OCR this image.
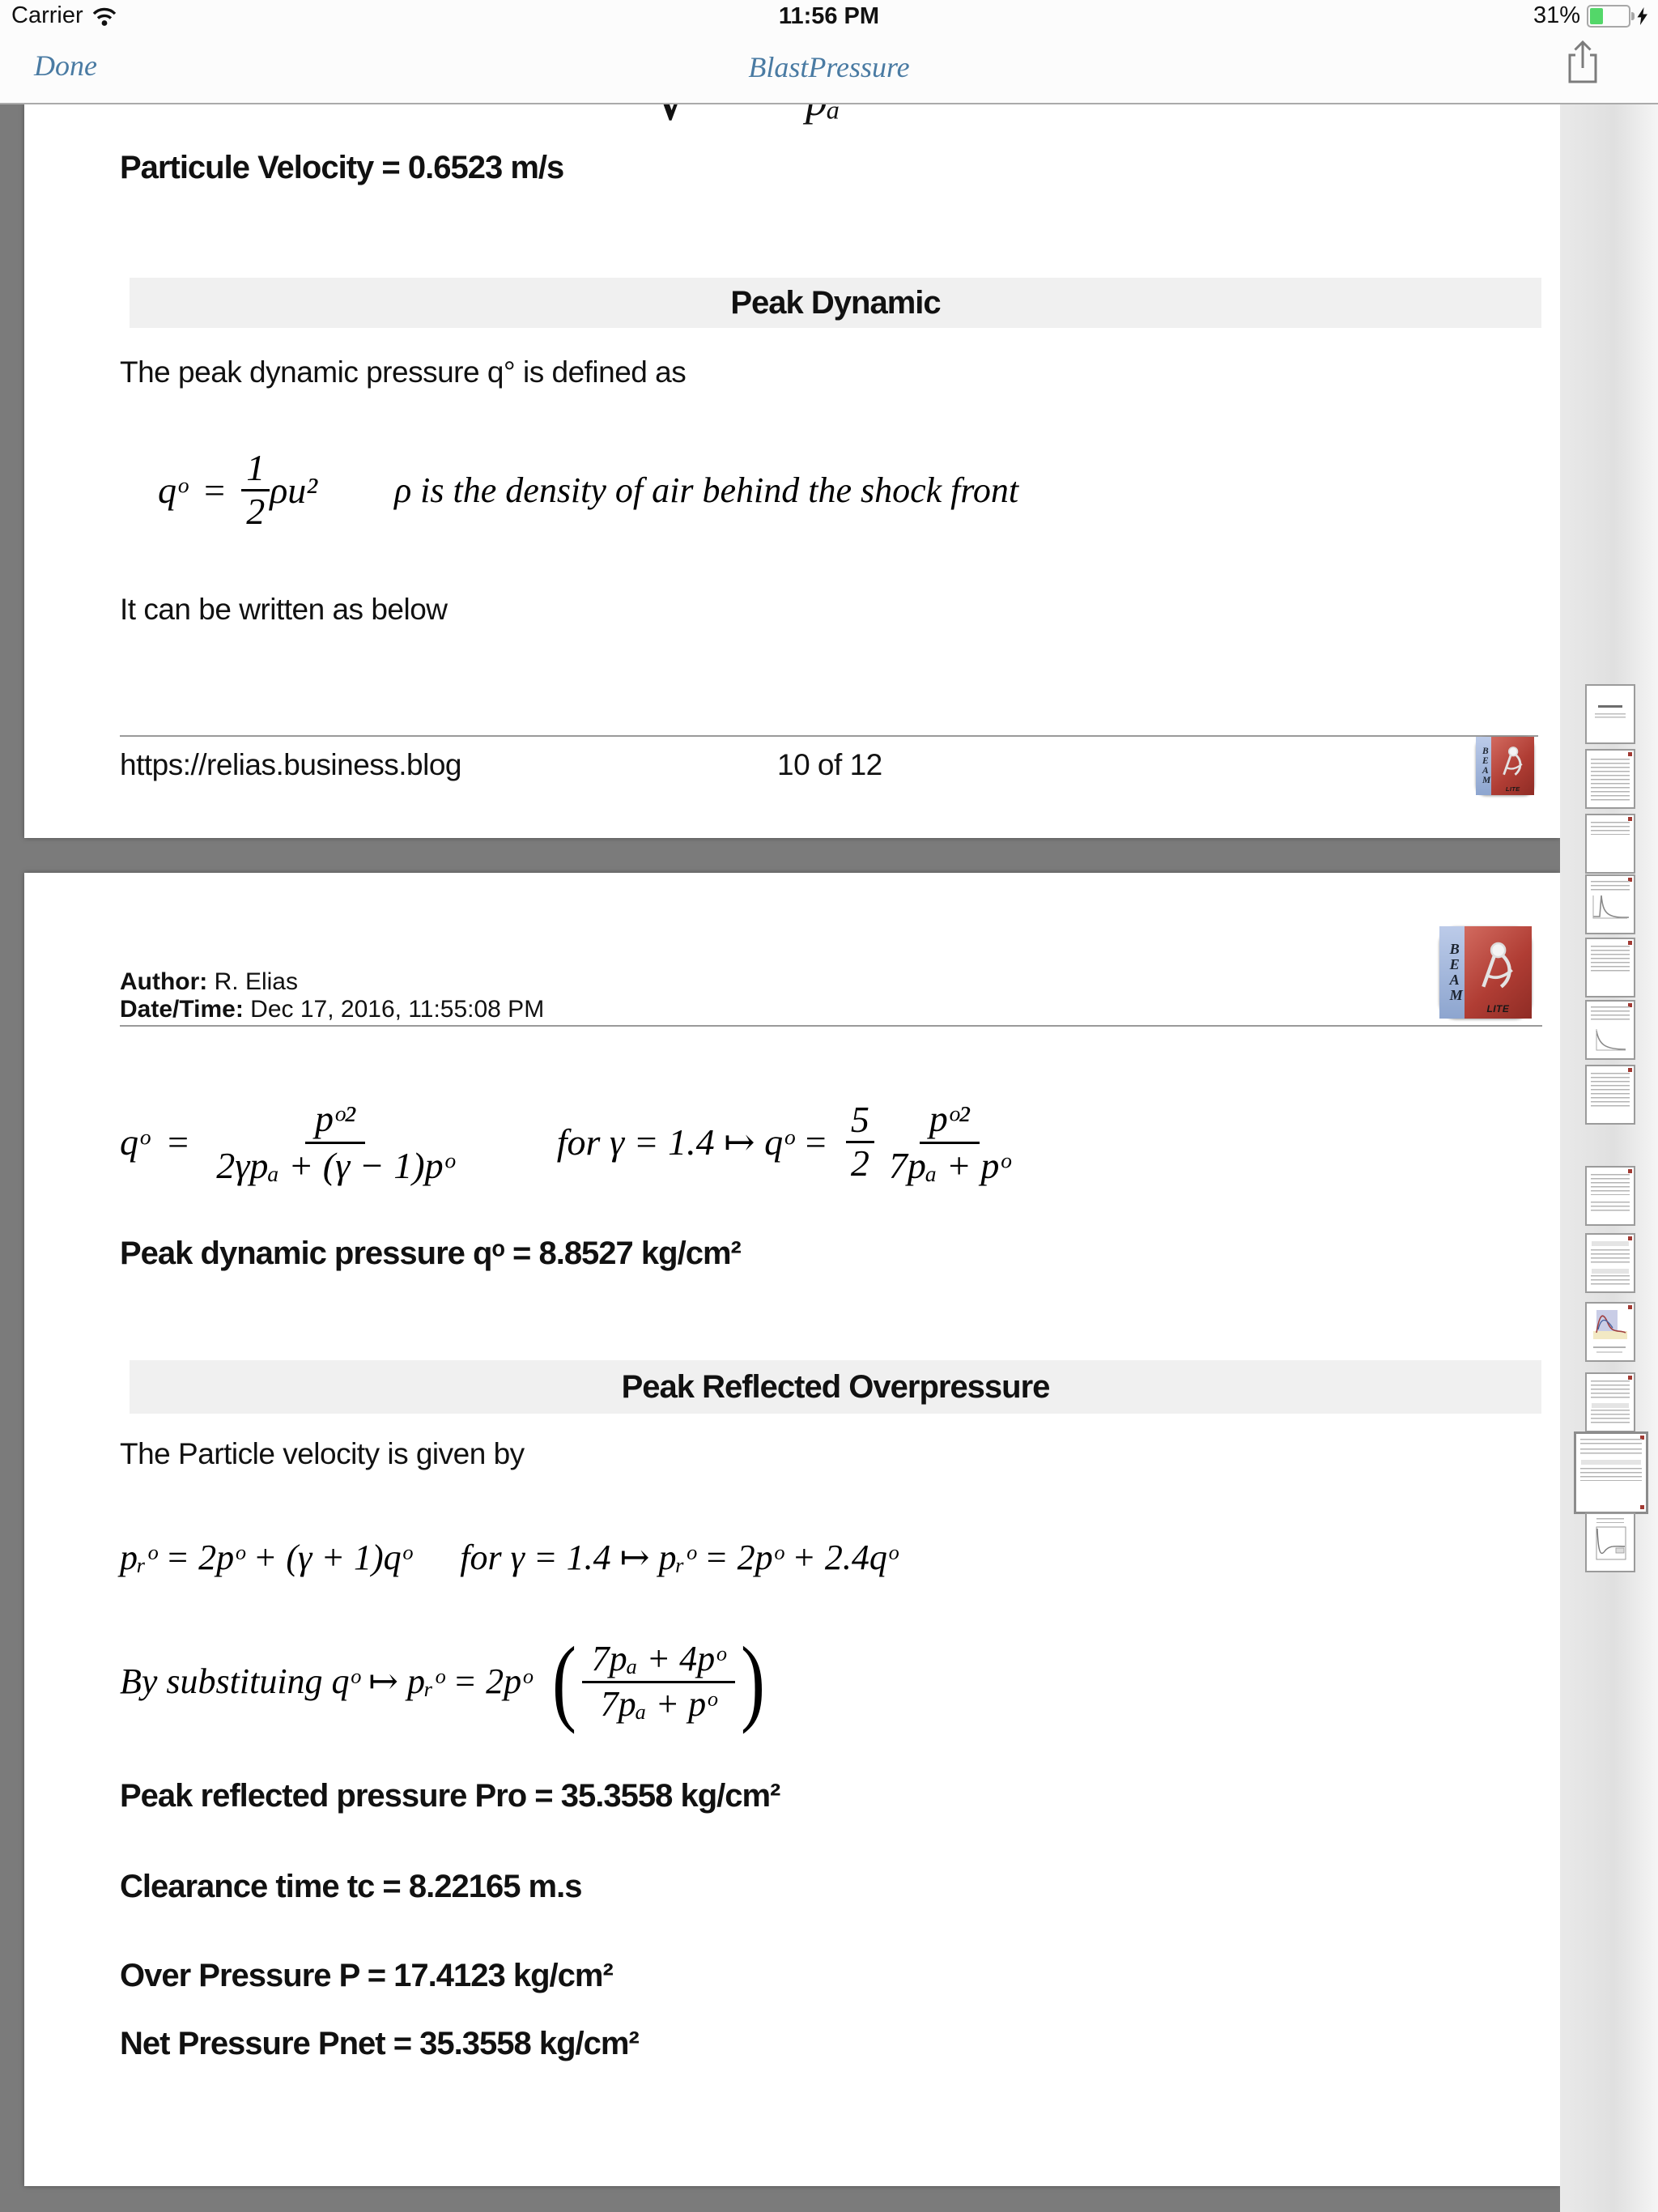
Carrier	11:56 PM	31%
Done	BlastPressure
Particule Velocity = 0.6523 m/s
Peak Dynamic
The peak dynamic pressure q° is defined as
qᵒ = $\frac{1}{2} \rho u^2$ ρ is the density of air behind the shock front
It can be written as below
https://relias.business.blog	10 of 12	BEAM
LITE
BEAM
LITE
Author: R. Elias
Date/Time: Dec 17, 2016, 11:55:08 PM
qᵒ = $\frac{\text{pᵒ²}}{\text{2γpₐ + (γ − 1)pᵒ}}$	for γ = 1.4 ↦ qᵒ = $\frac{5}{2} \frac{\text{pᵒ²}}{\text{7pₐ + pᵒ}}$
Peak dynamic pressure qᵒ = 8.8527 kg/cm²
Peak Reflected Overpressure
The Particle velocity is given by
pᵣᵒ = 2pᵒ + (γ + 1)qᵒ for γ = 1.4 ↦ pᵣᵒ = 2pᵒ + 2.4qᵒ
By substituing qᵒ ↦ pᵣᵒ = 2pᵒ ( $\frac{\text{7pₐ + 4pᵒ}}{\text{7pₐ + pᵒ}}$ )
Peak reflected pressure Pro = 35.3558 kg/cm²
Clearance time tc = 8.22165 m.s
Over Pressure P = 17.4123 kg/cm²
Net Pressure Pnet = 35.3558 kg/cm²
